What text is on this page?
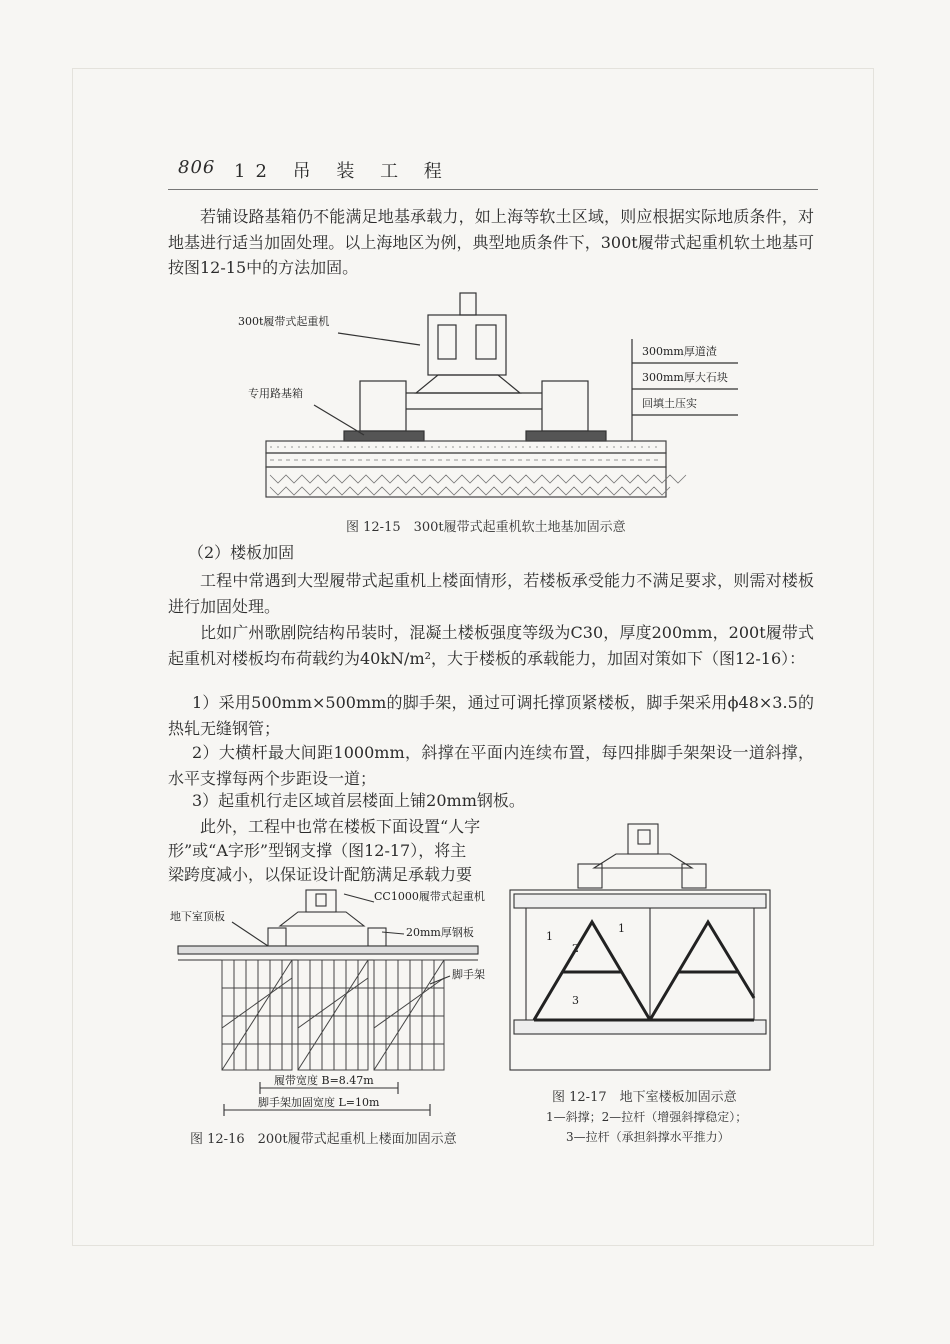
806 12 吊 装 工 程
若铺设路基箱仍不能满足地基承载力，如上海等软土区域，则应根据实际地质条件，对地基进行适当加固处理。以上海地区为例，典型地质条件下，300t履带式起重机软土地基可按图12-15中的方法加固。
300t履带式起重机
专用路基箱
300mm厚道渣
300mm厚大石块
回填土压实
图 12-15　300t履带式起重机软土地基加固示意
（2）楼板加固
工程中常遇到大型履带式起重机上楼面情形，若楼板承受能力不满足要求，则需对楼板进行加固处理。
比如广州歌剧院结构吊装时，混凝土楼板强度等级为C30，厚度200mm，200t履带式起重机对楼板均布荷载约为40kN/m²，大于楼板的承载能力，加固对策如下（图12-16）：
1）采用500mm×500mm的脚手架，通过可调托撑顶紧楼板，脚手架采用ϕ48×3.5的热轧无缝钢管；
2）大横杆最大间距1000mm，斜撑在平面内连续布置，每四排脚手架架设一道斜撑，水平支撑每两个步距设一道；
3）起重机行走区域首层楼面上铺20mm钢板。
此外，工程中也常在楼板下面设置“人字
形”或“A字形”型钢支撑（图12-17），将主
梁跨度减小，以保证设计配筋满足承载力要
地下室顶板
CC1000履带式起重机
20mm厚钢板
脚手架
履带宽度 B=8.47m
脚手架加固宽度 L=10m
图 12-16　200t履带式起重机上楼面加固示意
1
2
1
3
图 12-17　地下室楼板加固示意
1—斜撑；2—拉杆（增强斜撑稳定）；
3—拉杆（承担斜撑水平推力）
